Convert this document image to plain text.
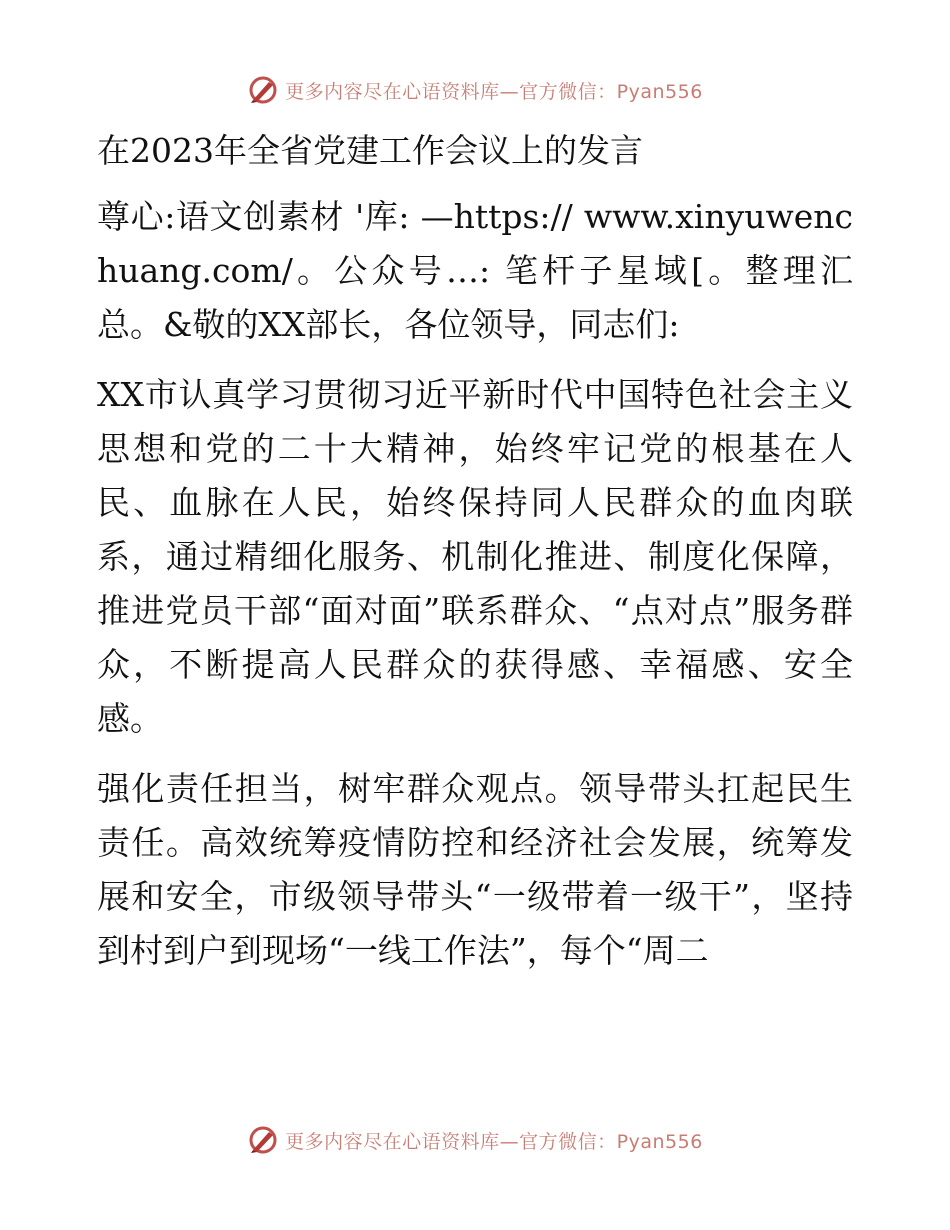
更多内容尽在心语资料库—官方微信：Pyan556

在2023年全省党建工作会议上的发言

尊心:语文创素材 '库: —https:// www.xinyuwenchuang.com/。公众号…: 笔杆子星域[。整理汇总。&敬的XX部长，各位领导，同志们:

XX市认真学习贯彻习近平新时代中国特色社会主义思想和党的二十大精神，始终牢记党的根基在人民、血脉在人民，始终保持同人民群众的血肉联系，通过精细化服务、机制化推进、制度化保障，推进党员干部“面对面”联系群众、“点对点”服务群众，不断提高人民群众的获得感、幸福感、安全感。

强化责任担当，树牢群众观点。领导带头扛起民生责任。高效统筹疫情防控和经济社会发展，统筹发展和安全，市级领导带头“一级带着一级干”，坚持到村到户到现场“一线工作法”，每个“周二

更多内容尽在心语资料库—官方微信：Pyan556
